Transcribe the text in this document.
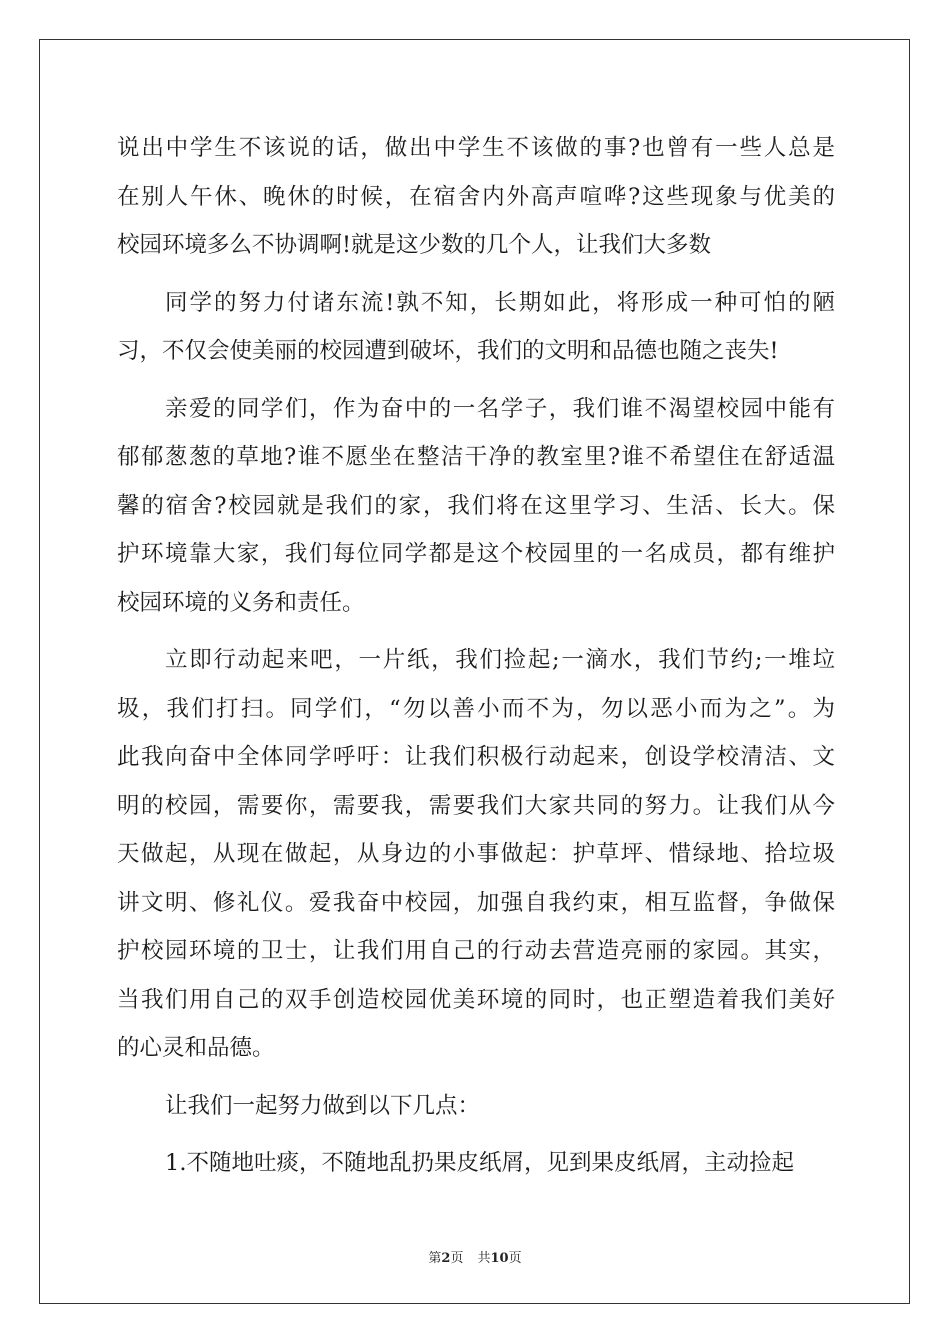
说出中学生不该说的话，做出中学生不该做的事?也曾有一些人总是
在别人午休、晚休的时候，在宿舍内外高声喧哗?这些现象与优美的
校园环境多么不协调啊!就是这少数的几个人，让我们大多数
同学的努力付诸东流!孰不知，长期如此，将形成一种可怕的陋
习，不仅会使美丽的校园遭到破坏，我们的文明和品德也随之丧失!
亲爱的同学们，作为奋中的一名学子，我们谁不渴望校园中能有
郁郁葱葱的草地?谁不愿坐在整洁干净的教室里?谁不希望住在舒适温
馨的宿舍?校园就是我们的家，我们将在这里学习、生活、长大。保
护环境靠大家，我们每位同学都是这个校园里的一名成员，都有维护
校园环境的义务和责任。
立即行动起来吧，一片纸，我们捡起;一滴水，我们节约;一堆垃
圾，我们打扫。同学们，“勿以善小而不为，勿以恶小而为之”。为
此我向奋中全体同学呼吁：让我们积极行动起来，创设学校清洁、文
明的校园，需要你，需要我，需要我们大家共同的努力。让我们从今
天做起，从现在做起，从身边的小事做起：护草坪、惜绿地、拾垃圾
讲文明、修礼仪。爱我奋中校园，加强自我约束，相互监督，争做保
护校园环境的卫士，让我们用自己的行动去营造亮丽的家园。其实，
当我们用自己的双手创造校园优美环境的同时，也正塑造着我们美好
的心灵和品德。
让我们一起努力做到以下几点：
1.不随地吐痰，不随地乱扔果皮纸屑，见到果皮纸屑，主动捡起
第2页 共10页
